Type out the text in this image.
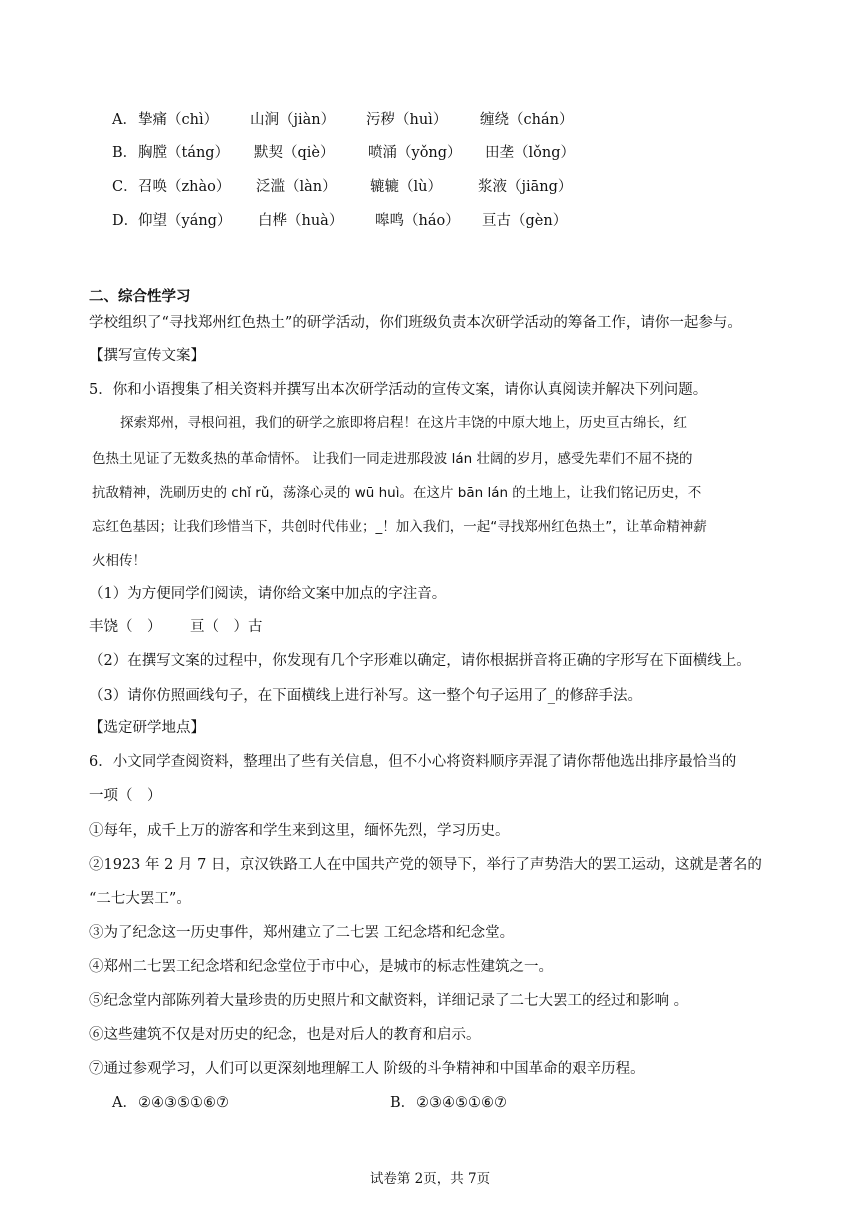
A． 挚痛（chì） 山涧（jiàn） 污秽（huì） 缠绕（chán）
B． 胸膛（táng） 默契（qiè） 喷涌（yǒng） 田垄（lǒng）
C． 召唤（zhào） 泛滥（làn） 辘辘（lù） 浆液（jiāng）
D． 仰望（yáng） 白桦（huà） 嗥鸣（háo） 亘古（gèn）
二、综合性学习
学校组织了“寻找郑州红色热土”的研学活动，你们班级负责本次研学活动的筹备工作，请你一起参与。
【撰写宣传文案】
5．你和小语搜集了相关资料并撰写出本次研学活动的宣传文案，请你认真阅读并解决下列问题。
探索郑州，寻根问祖，我们的研学之旅即将启程！在这片丰饶的中原大地上，历史亘古绵长，红
色热土见证了无数炙热的革命情怀。 让我们一同走进那段波 lán 壮阔的岁月，感受先辈们不屈不挠的
抗敌精神，洗刷历史的 chǐ rǔ，荡涤心灵的 wū huì。在这片 bān lán 的土地上，让我们铭记历史，不
忘红色基因；让我们珍惜当下，共创时代伟业；_！加入我们，一起“寻找郑州红色热土”，让革命精神薪
火相传！
（1）为方便同学们阅读，请你给文案中加点的字注音。
丰饶（　） 亘（　）古
（2）在撰写文案的过程中，你发现有几个字形难以确定，请你根据拼音将正确的字形写在下面横线上。
（3）请你仿照画线句子，在下面横线上进行补写。这一整个句子运用了_的修辞手法。
【选定研学地点】
6．小文同学查阅资料，整理出了些有关信息，但不小心将资料顺序弄混了请你帮他选出排序最恰当的
一项（　）
①每年，成千上万的游客和学生来到这里，缅怀先烈，学习历史。
②1923 年 2 月 7 日，京汉铁路工人在中国共产党的领导下，举行了声势浩大的罢工运动，这就是著名的
“二七大罢工”。
③为了纪念这一历史事件，郑州建立了二七罢 工纪念塔和纪念堂。
④郑州二七罢工纪念塔和纪念堂位于市中心，是城市的标志性建筑之一。
⑤纪念堂内部陈列着大量珍贵的历史照片和文献资料，详细记录了二七大罢工的经过和影响 。
⑥这些建筑不仅是对历史的纪念，也是对后人的教育和启示。
⑦通过参观学习，人们可以更深刻地理解工人 阶级的斗争精神和中国革命的艰辛历程。
A． ②④③⑤①⑥⑦	B． ②③④⑤①⑥⑦
试卷第 2页，共 7页
